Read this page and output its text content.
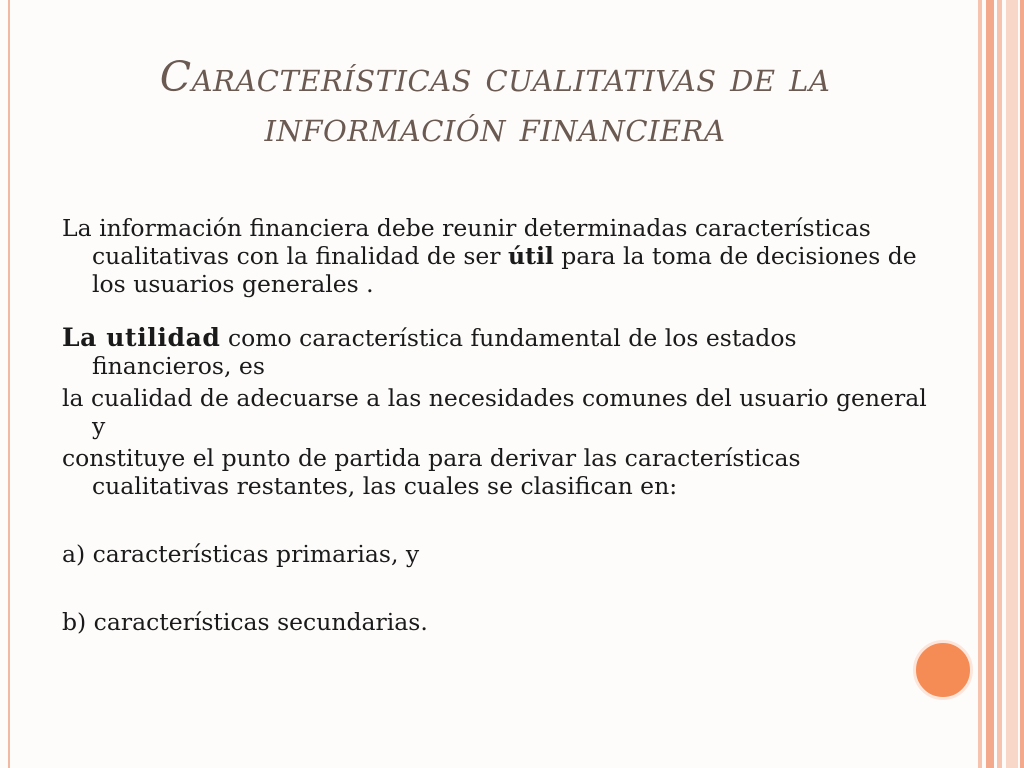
Características cualitativas de la
información financiera
La información financiera debe reunir determinadas características cualitativas con la finalidad de ser útil para la toma de decisiones de los usuarios generales .
La utilidad como característica fundamental de los estados financieros, es
la cualidad de adecuarse a las necesidades comunes del usuario general y
constituye el punto de partida para derivar las características cualitativas restantes, las cuales se clasifican en:
a) características primarias, y
b) características secundarias.
